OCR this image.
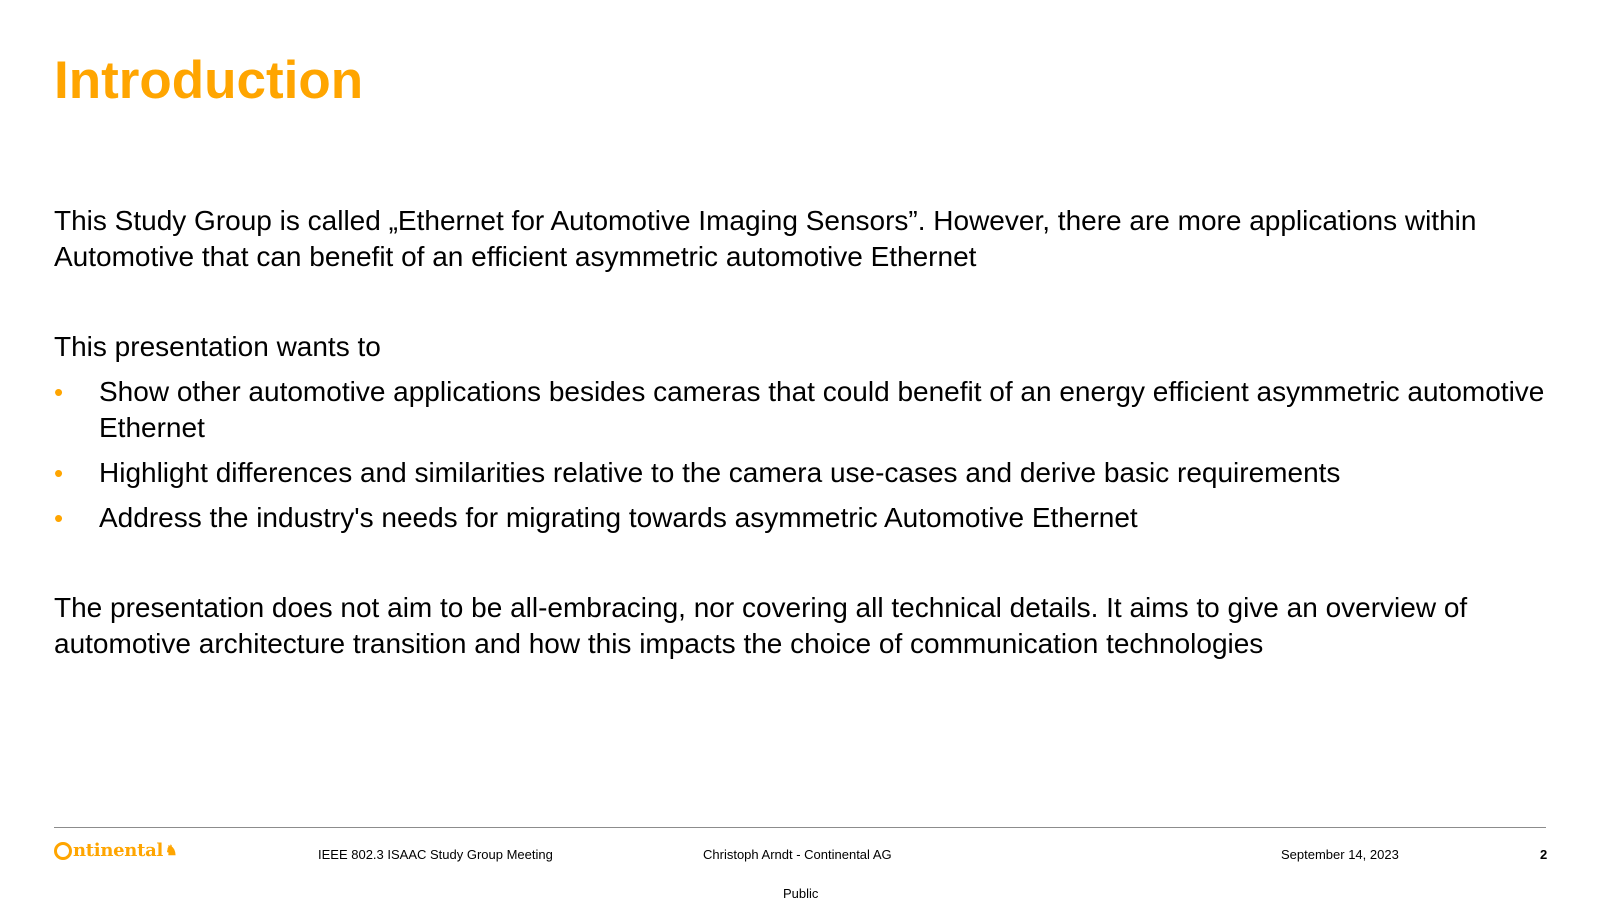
Introduction

This Study Group is called „Ethernet for Automotive Imaging Sensors”. However, there are more applications within Automotive that can benefit of an efficient asymmetric automotive Ethernet

This presentation wants to

• Show other automotive applications besides cameras that could benefit of an energy efficient asymmetric automotive Ethernet
• Highlight differences and similarities relative to the camera use-cases and derive basic requirements
• Address the industry's needs for migrating towards asymmetric Automotive Ethernet

The presentation does not aim to be all-embracing, nor covering all technical details. It aims to give an overview of automotive architecture transition and how this impacts the choice of communication technologies

ntinental ♞	IEEE 802.3 ISAAC Study Group Meeting	Christoph Arndt - Continental AG	September 14, 2023	2
Public
